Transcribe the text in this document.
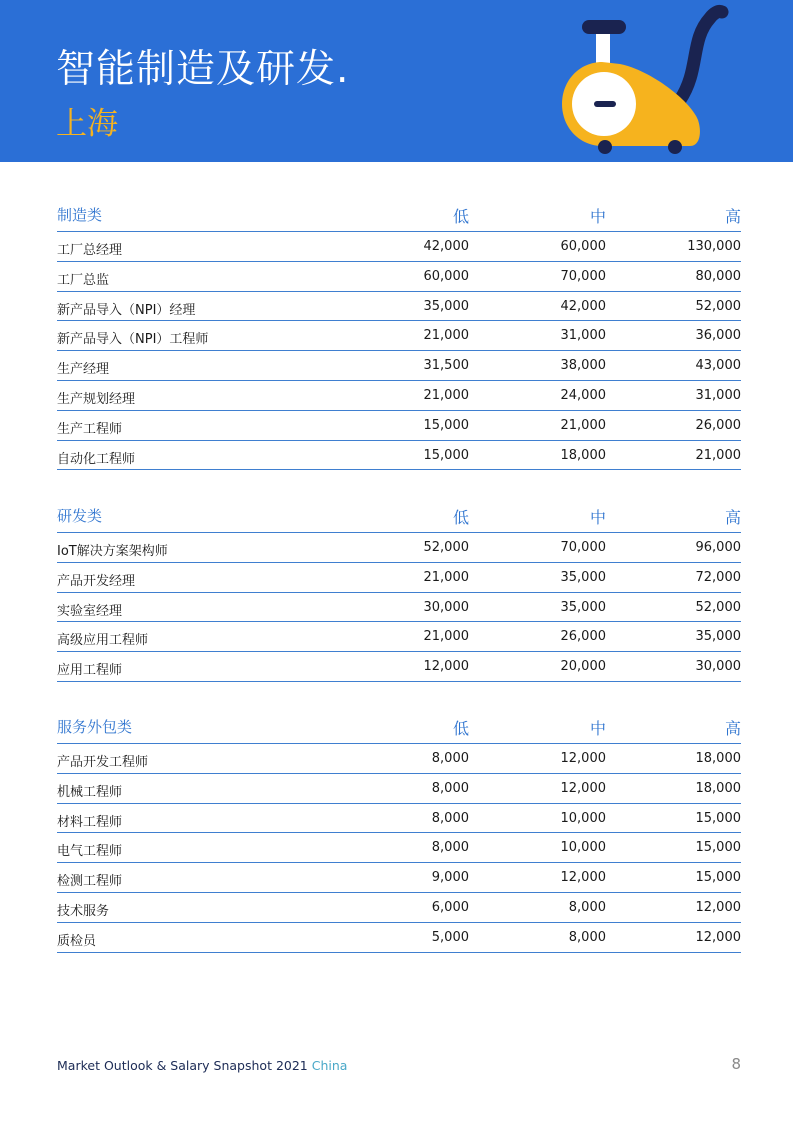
智能制造及研发.
上海
制造类	低	中	高
工厂总经理	42,000	60,000	130,000
工厂总监	60,000	70,000	80,000
新产品导入（NPI）经理	35,000	42,000	52,000
新产品导入（NPI）工程师	21,000	31,000	36,000
生产经理	31,500	38,000	43,000
生产规划经理	21,000	24,000	31,000
生产工程师	15,000	21,000	26,000
自动化工程师	15,000	18,000	21,000
研发类	低	中	高
IoT解决方案架构师	52,000	70,000	96,000
产品开发经理	21,000	35,000	72,000
实验室经理	30,000	35,000	52,000
高级应用工程师	21,000	26,000	35,000
应用工程师	12,000	20,000	30,000
服务外包类	低	中	高
产品开发工程师	8,000	12,000	18,000
机械工程师	8,000	12,000	18,000
材料工程师	8,000	10,000	15,000
电气工程师	8,000	10,000	15,000
检测工程师	9,000	12,000	15,000
技术服务	6,000	8,000	12,000
质检员	5,000	8,000	12,000
Market Outlook & Salary Snapshot 2021 China	8
